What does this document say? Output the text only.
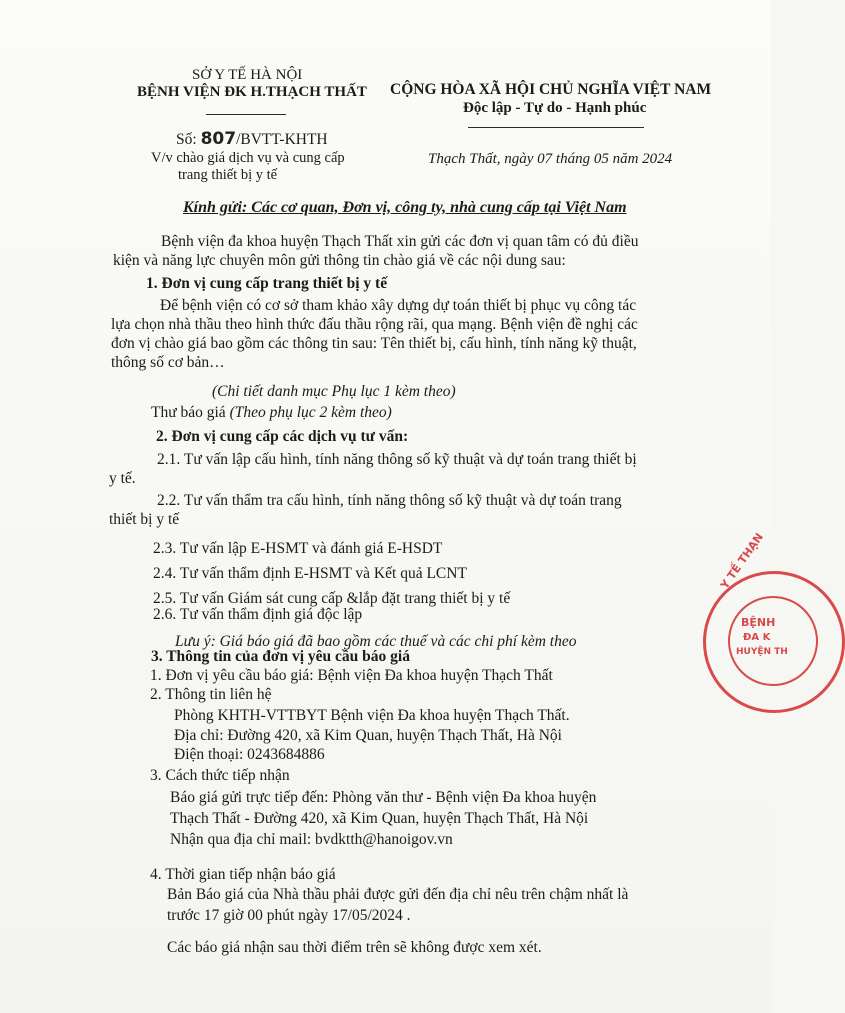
SỞ Y TẾ HÀ NỘI
BỆNH VIỆN ĐK H.THẠCH THẤT CỘNG HÒA XÃ HỘI CHỦ NGHĨA VIỆT NAM
Độc lập - Tự do - Hạnh phúc
Số: 807/BVTT-KHTH
V/v chào giá dịch vụ và cung cấp
trang thiết bị y tế
Thạch Thất, ngày 07 tháng 05 năm 2024
Kính gửi: Các cơ quan, Đơn vị, công ty, nhà cung cấp tại Việt Nam
Bệnh viện đa khoa huyện Thạch Thất xin gửi các đơn vị quan tâm có đủ điều
kiện và năng lực chuyên môn gửi thông tin chào giá về các nội dung sau:
1. Đơn vị cung cấp trang thiết bị y tế
Để bệnh viện có cơ sở tham khảo xây dựng dự toán thiết bị phục vụ công tác
lựa chọn nhà thầu theo hình thức đấu thầu rộng rãi, qua mạng. Bệnh viện đề nghị các
đơn vị chào giá bao gồm các thông tin sau: Tên thiết bị, cấu hình, tính năng kỹ thuật,
thông số cơ bản…
(Chi tiết danh mục Phụ lục 1 kèm theo)
Thư báo giá (Theo phụ lục 2 kèm theo)
2. Đơn vị cung cấp các dịch vụ tư vấn:
2.1. Tư vấn lập cấu hình, tính năng thông số kỹ thuật và dự toán trang thiết bị
y tế.
2.2. Tư vấn thẩm tra cấu hình, tính năng thông số kỹ thuật và dự toán trang
thiết bị y tế
2.3. Tư vấn lập E-HSMT và đánh giá E-HSDT
2.4. Tư vấn thẩm định E-HSMT và Kết quả LCNT
2.5. Tư vấn Giám sát cung cấp &lắp đặt trang thiết bị y tế
2.6. Tư vấn thẩm định giá độc lập
Lưu ý: Giá báo giá đã bao gồm các thuế và các chi phí kèm theo
3. Thông tin của đơn vị yêu cầu báo giá
1. Đơn vị yêu cầu báo giá: Bệnh viện Đa khoa huyện Thạch Thất
2. Thông tin liên hệ
Phòng KHTH-VTTBYT Bệnh viện Đa khoa huyện Thạch Thất.
Địa chỉ: Đường 420, xã Kim Quan, huyện Thạch Thất, Hà Nội
Điện thoại: 0243684886
3. Cách thức tiếp nhận
Báo giá gửi trực tiếp đến: Phòng văn thư - Bệnh viện Đa khoa huyện
Thạch Thất - Đường 420, xã Kim Quan, huyện Thạch Thất, Hà Nội
Nhận qua địa chỉ mail: bvdktth@hanoigov.vn
4. Thời gian tiếp nhận báo giá
Bản Báo giá của Nhà thầu phải được gửi đến địa chỉ nêu trên chậm nhất là
trước 17 giờ 00 phút ngày 17/05/2024 .
Các báo giá nhận sau thời điểm trên sẽ không được xem xét.
Y TẾ THẠN
BỆNH
ĐA K
HUYỆN TH
